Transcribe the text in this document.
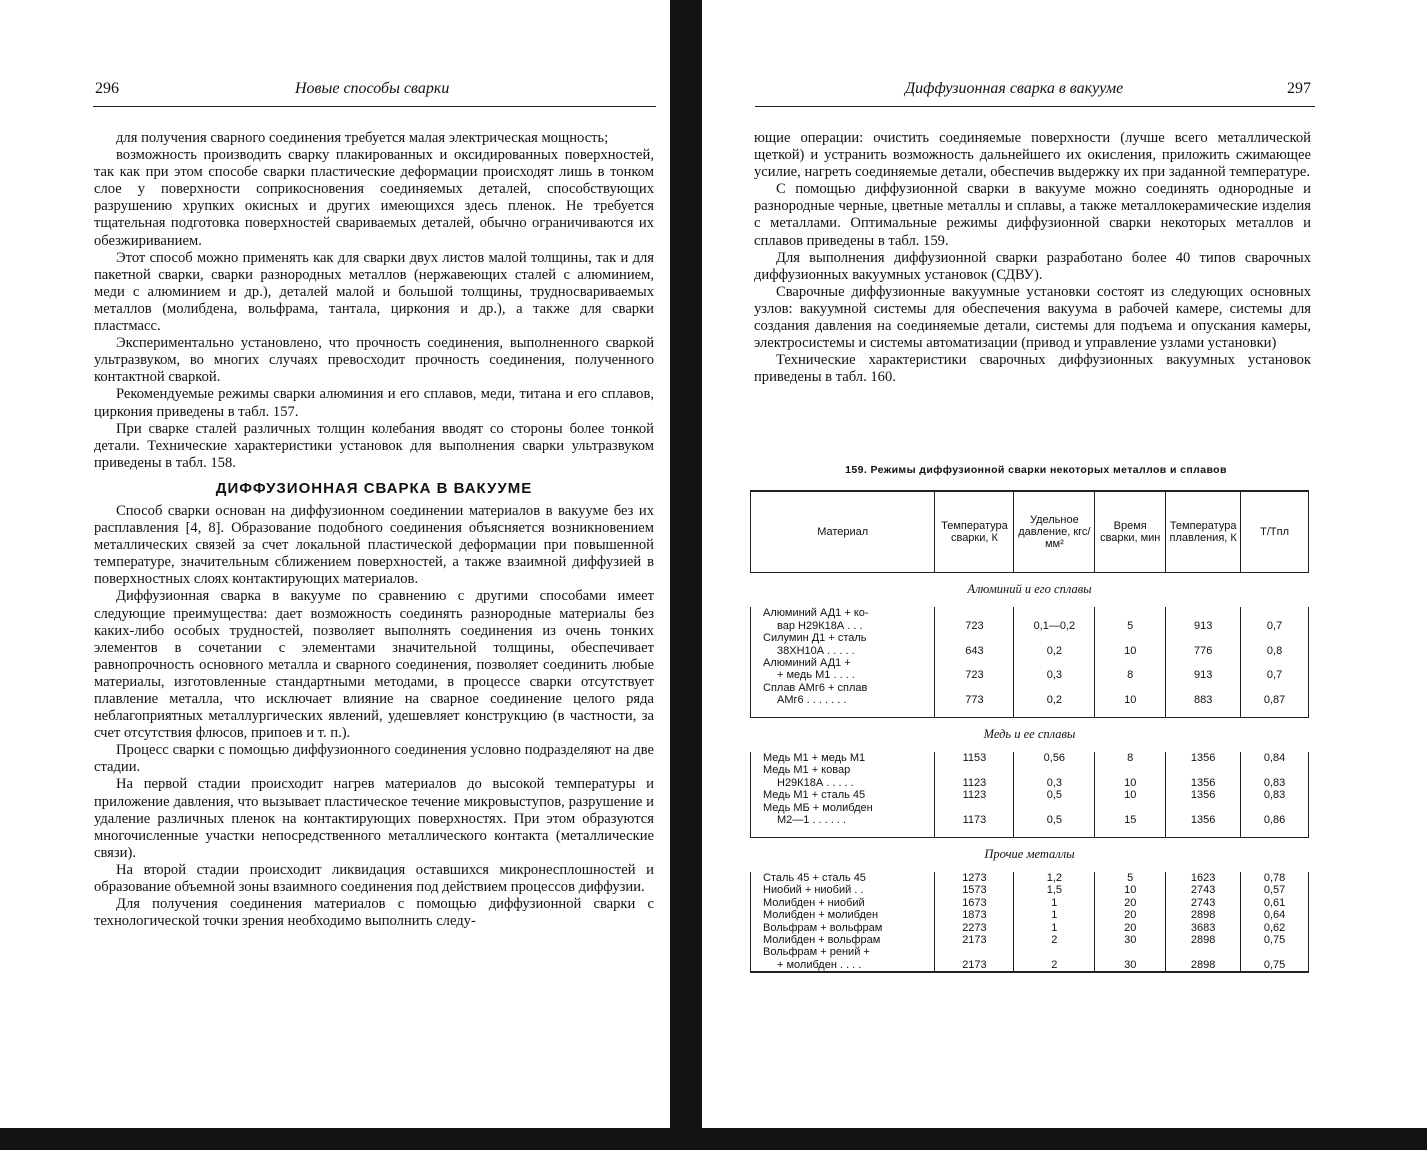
296	Новые способы сварки

для получения сварного соединения требуется малая электрическая мощность;

возможность производить сварку плакированных и оксидированных поверхностей, так как при этом способе сварки пластические деформации происходят лишь в тонком слое у поверхности соприкосновения соединяемых деталей, способствующих разрушению хрупких окисных и других имеющихся здесь пленок. Не требуется тщательная подготовка поверхностей свариваемых деталей, обычно ограничиваются их обезжириванием.

Этот способ можно применять как для сварки двух листов малой толщины, так и для пакетной сварки, сварки разнородных металлов (нержавеющих сталей с алюминием, меди с алюминием и др.), деталей малой и большой толщины, трудносвариваемых металлов (молибдена, вольфрама, тантала, циркония и др.), а также для сварки пластмасс.

Экспериментально установлено, что прочность соединения, выполненного сваркой ультразвуком, во многих случаях превосходит прочность соединения, полученного контактной сваркой.

Рекомендуемые режимы сварки алюминия и его сплавов, меди, титана и его сплавов, циркония приведены в табл. 157.

При сварке сталей различных толщин колебания вводят со стороны более тонкой детали. Технические характеристики установок для выполнения сварки ультразвуком приведены в табл. 158.

ДИФФУЗИОННАЯ СВАРКА В ВАКУУМЕ

Способ сварки основан на диффузионном соединении материалов в вакууме без их расплавления [4, 8]. Образование подобного соединения объясняется возникновением металлических связей за счет локальной пластической деформации при повышенной температуре, значительным сближением поверхностей, а также взаимной диффузией в поверхностных слоях контактирующих материалов.

Диффузионная сварка в вакууме по сравнению с другими способами имеет следующие преимущества: дает возможность соединять разнородные материалы без каких-либо особых трудностей, позволяет выполнять соединения из очень тонких элементов в сочетании с элементами значительной толщины, обеспечивает равнопрочность основного металла и сварного соединения, позволяет соединить любые материалы, изготовленные стандартными методами, в процессе сварки отсутствует плавление металла, что исключает влияние на сварное соединение целого ряда неблагоприятных металлургических явлений, удешевляет конструкцию (в частности, за счет отсутствия флюсов, припоев и т. п.).

Процесс сварки с помощью диффузионного соединения условно подразделяют на две стадии.

На первой стадии происходит нагрев материалов до высокой температуры и приложение давления, что вызывает пластическое течение микровыступов, разрушение и удаление различных пленок на контактирующих поверхностях. При этом образуются многочисленные участки непосредственного металлического контакта (металлические связи).

На второй стадии происходит ликвидация оставшихся микронесплошностей и образование объемной зоны взаимного соединения под действием процессов диффузии.

Для получения соединения материалов с помощью диффузионной сварки с технологической точки зрения необходимо выполнить следу-

Диффузионная сварка в вакууме	297

ющие операции: очистить соединяемые поверхности (лучше всего металлической щеткой) и устранить возможность дальнейшего их окисления, приложить сжимающее усилие, нагреть соединяемые детали, обеспечив выдержку их при заданной температуре.

С помощью диффузионной сварки в вакууме можно соединять однородные и разнородные черные, цветные металлы и сплавы, а также металлокерамические изделия с металлами. Оптимальные режимы диффузионной сварки некоторых металлов и сплавов приведены в табл. 159.

Для выполнения диффузионной сварки разработано более 40 типов сварочных диффузионных вакуумных установок (СДВУ).

Сварочные диффузионные вакуумные установки состоят из следующих основных узлов: вакуумной системы для обеспечения вакуума в рабочей камере, системы для создания давления на соединяемые детали, системы для подъема и опускания камеры, электросистемы и системы автоматизации (привод и управление узлами установки)

Технические характеристики сварочных диффузионных вакуумных установок приведены в табл. 160.

159. Режимы диффузионной сварки некоторых металлов и сплавов
Материал	Температура сварки, К	Удельное давление, кгс/мм²	Время сварки, мин	Температура плавления, К	T/Tпл
Алюминий и его сплавы					

Алюминий АД1 + ко-
вар Н29К18А . . .	723	0,1—0,2	5	913	0,7

Силумин Д1 + сталь
38ХН10А . . . . .	643	0,2	10	776	0,8

Алюминий АД1 +
+ медь М1 . . . .	723	0,3	8	913	0,7

Сплав АМг6 + сплав
АМг6 . . . . . . .	773	0,2	10	883	0,87

Медь и ее сплавы					

Медь М1 + медь М1	1153	0,56	8	1356	0,84

Медь М1 + ковар
Н29К18А . . . . .	1123	0,3	10	1356	0,83

Медь М1 + сталь 45	1123	0,5	10	1356	0,83

Медь МБ + молибден
М2—1 . . . . . .	1173	0,5	15	1356	0,86

Прочие металлы					

Сталь 45 + сталь 45	1273	1,2	5	1623	0,78

Ниобий + ниобий . .	1573	1,5	10	2743	0,57

Молибден + ниобий	1673	1	20	2743	0,61

Молибден + молибден	1873	1	20	2898	0,64

Вольфрам + вольфрам	2273	1	20	3683	0,62

Молибден + вольфрам	2173	2	30	2898	0,75

Вольфрам + рений +
+ молибден . . . .	2173	2	30	2898	0,75
